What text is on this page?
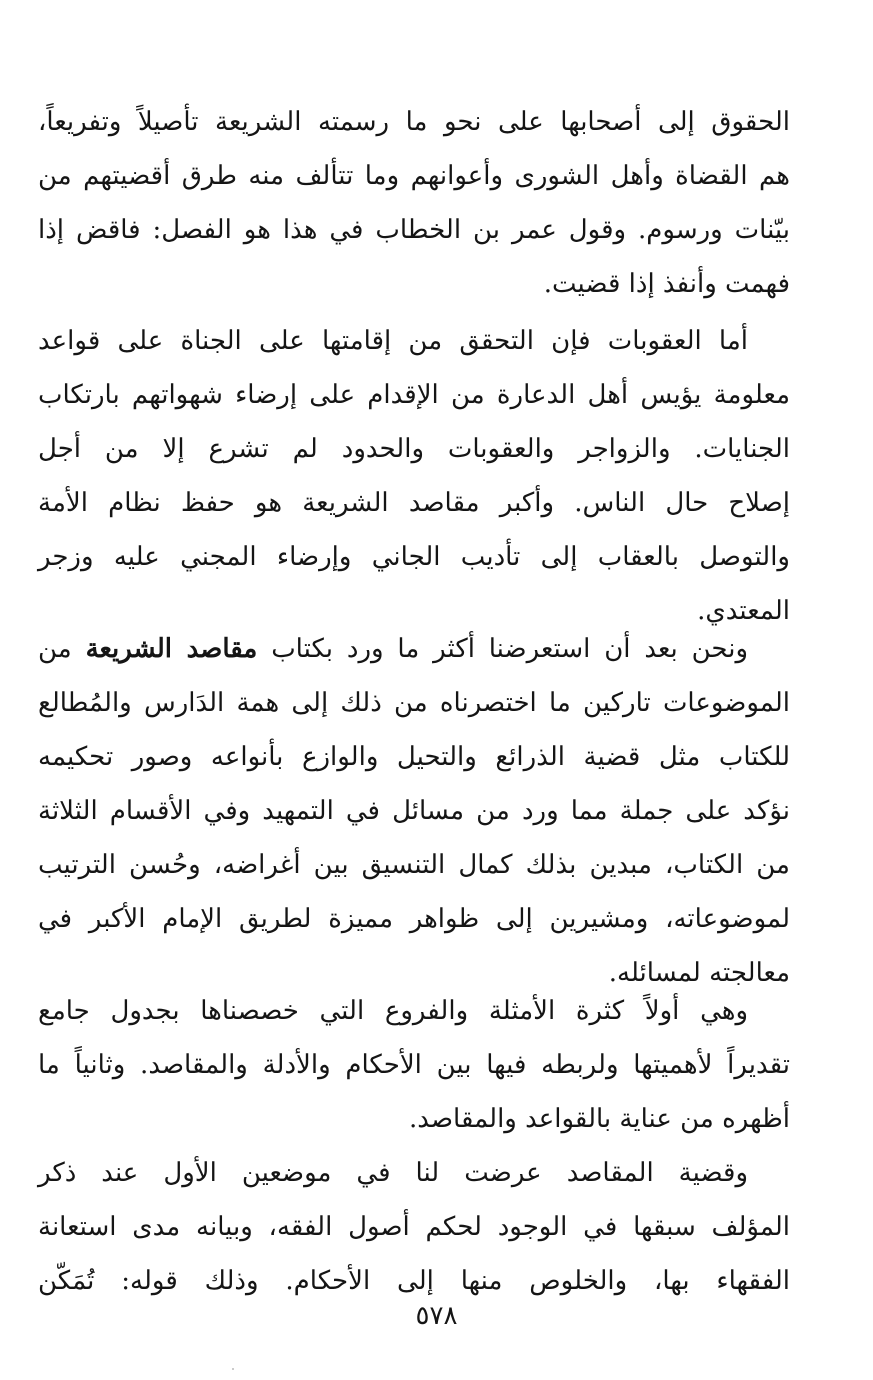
الحقوق إلى أصحابها على نحو ما رسمته الشريعة تأصيلاً وتفريعاً،
هم القضاة وأهل الشورى وأعوانهم وما تتألف منه طرق أقضيتهم من
بيّنات ورسوم. وقول عمر بن الخطاب في هذا هو الفصل: فاقض إذا
فهمت وأنفذ إذا قضيت.
أما العقوبات فإن التحقق من إقامتها على الجناة على قواعد
معلومة يؤيس أهل الدعارة من الإقدام على إرضاء شهواتهم بارتكاب
الجنايات. والزواجر والعقوبات والحدود لم تشرع إلا من أجل
إصلاح حال الناس. وأكبر مقاصد الشريعة هو حفظ نظام الأمة
والتوصل بالعقاب إلى تأديب الجاني وإرضاء المجني عليه وزجر
المعتدي.
ونحن بعد أن استعرضنا أكثر ما ورد بكتاب مقاصد الشريعة من
الموضوعات تاركين ما اختصرناه من ذلك إلى همة الدَارس والمُطالع
للكتاب مثل قضية الذرائع والتحيل والوازع بأنواعه وصور تحكيمه
نؤكد على جملة مما ورد من مسائل في التمهيد وفي الأقسام الثلاثة
من الكتاب، مبدين بذلك كمال التنسيق بين أغراضه، وحُسن الترتيب
لموضوعاته، ومشيرين إلى ظواهر مميزة لطريق الإمام الأكبر في
معالجته لمسائله.
وهي أولاً كثرة الأمثلة والفروع التي خصصناها بجدول جامع
تقديراً لأهميتها ولربطه فيها بين الأحكام والأدلة والمقاصد. وثانياً ما
أظهره من عناية بالقواعد والمقاصد.
وقضية المقاصد عرضت لنا في موضعين الأول عند ذكر
المؤلف سبقها في الوجود لحكم أصول الفقه، وبيانه مدى استعانة
الفقهاء بها، والخلوص منها إلى الأحكام. وذلك قوله: تُمَكّن
٥٧٨
